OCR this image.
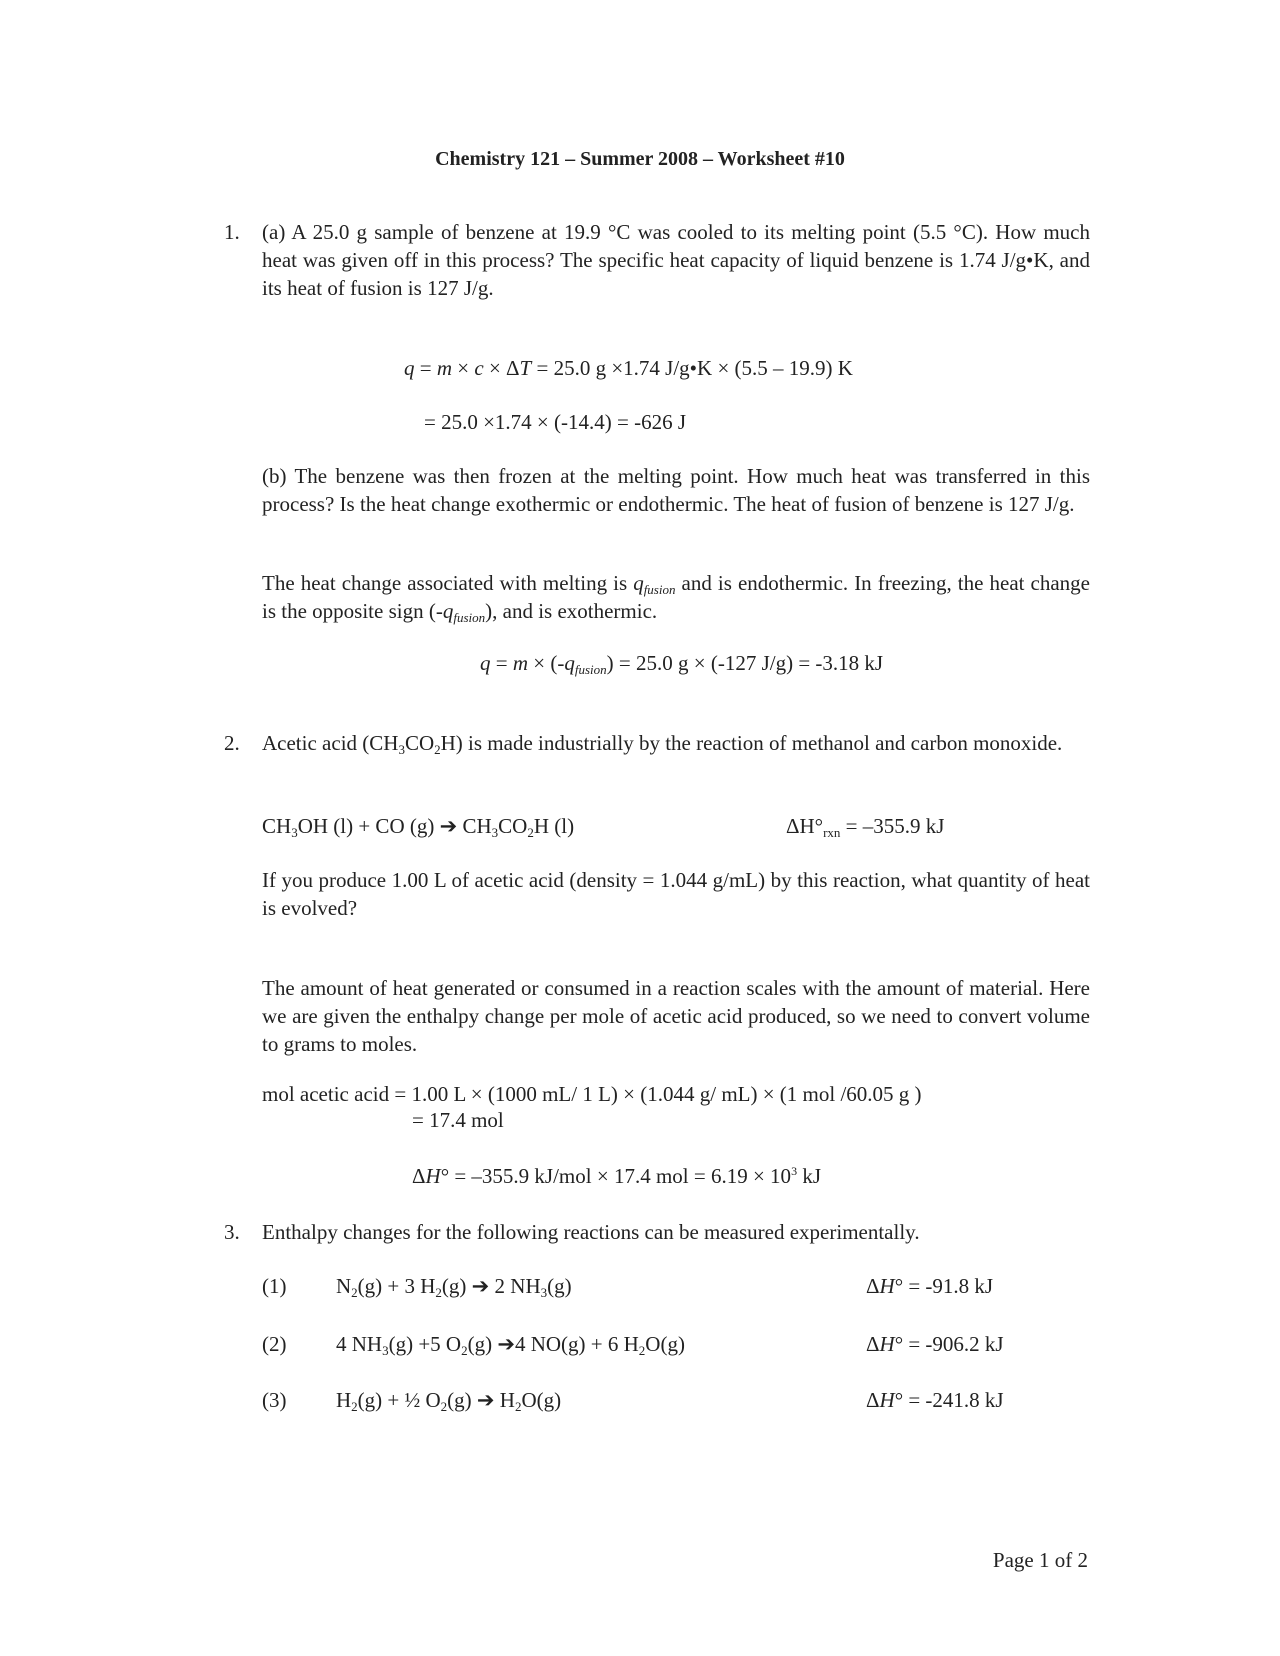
Chemistry 121 – Summer 2008 – Worksheet #10
1. (a) A 25.0 g sample of benzene at 19.9 °C was cooled to its melting point (5.5 °C). How much heat was given off in this process? The specific heat capacity of liquid benzene is 1.74 J/g•K, and its heat of fusion is 127 J/g.
q = m × c × ΔT = 25.0 g ×1.74 J/g•K × (5.5 – 19.9) K
= 25.0 ×1.74 × (-14.4) = -626 J
(b) The benzene was then frozen at the melting point. How much heat was transferred in this process? Is the heat change exothermic or endothermic. The heat of fusion of benzene is 127 J/g.
The heat change associated with melting is $q_{fusion}$ and is endothermic. In freezing, the heat change is the opposite sign $(-q_{fusion})$, and is exothermic.
$q = m \times (-q_{fusion}) = 25.0$ g × (-127 J/g) = -3.18 kJ
2. Acetic acid $(CH_3CO_2H)$ is made industrially by the reaction of methanol and carbon monoxide.
$CH_3OH$ (l) + CO (g) ➔ $CH_3CO_2H$ (l)	$\Delta H^\circ_{rxn} = -355.9$ kJ
If you produce 1.00 L of acetic acid (density = 1.044 g/mL) by this reaction, what quantity of heat is evolved?
The amount of heat generated or consumed in a reaction scales with the amount of material. Here we are given the enthalpy change per mole of acetic acid produced, so we need to convert volume to grams to moles.
mol acetic acid = 1.00 L × (1000 mL/ 1 L) × (1.044 g/ mL) × (1 mol /60.05 g )
= 17.4 mol
ΔH° = –355.9 kJ/mol × 17.4 mol = $6.19 \times 10^3$ kJ
3. Enthalpy changes for the following reactions can be measured experimentally.
(1) $N_2(g) + 3$ $H_2(g)$ ➔ 2 $NH_3(g)$	ΔH° = -91.8 kJ
(2) 4 $NH_3(g) +5$ $O_2(g)$ ➔4 NO(g) + 6 $H_2O(g)$	ΔH° = -906.2 kJ
(3) $H_2(g)$ + ½ $O_2(g)$ ➔ $H_2O(g)$	ΔH° = -241.8 kJ
Page 1 of 2
